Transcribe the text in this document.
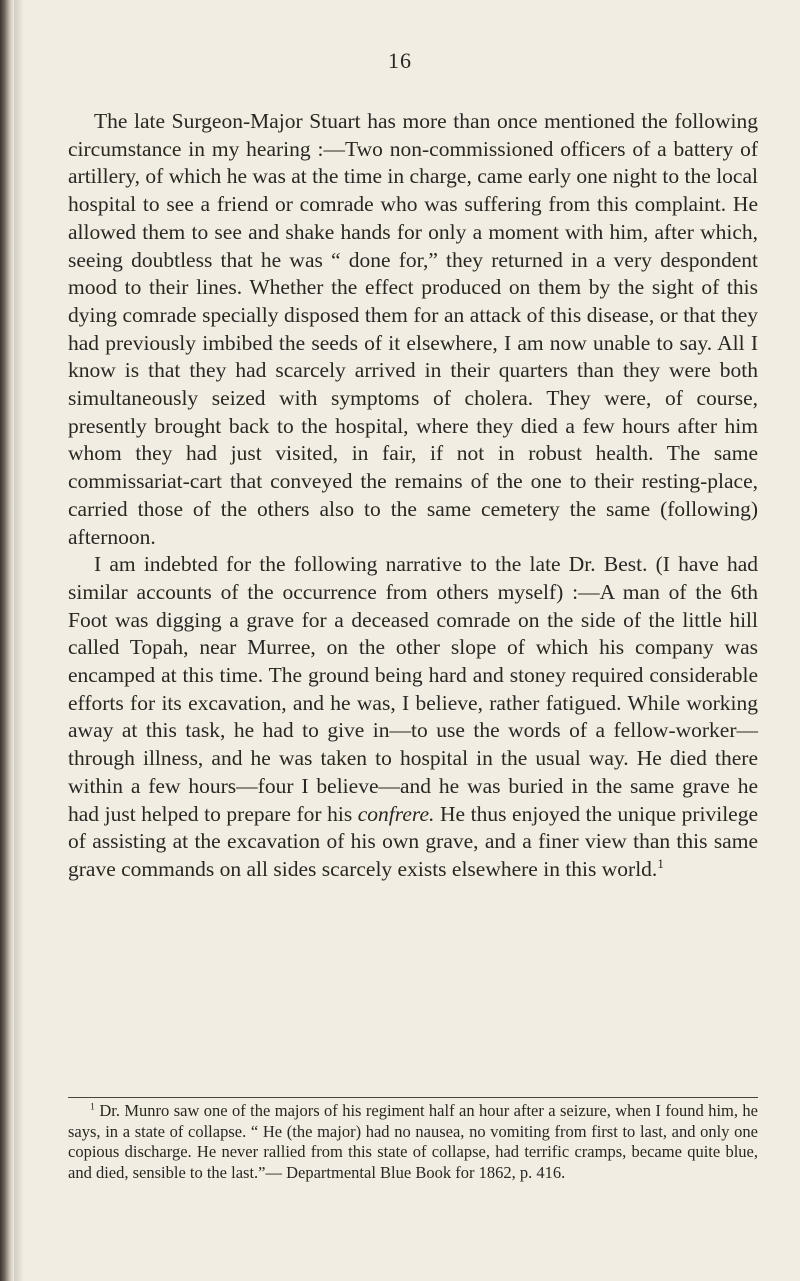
16

The late Surgeon-Major Stuart has more than once mentioned the following circumstance in my hearing :—Two non-commissioned officers of a battery of artillery, of which he was at the time in charge, came early one night to the local hospital to see a friend or comrade who was suffering from this complaint. He allowed them to see and shake hands for only a moment with him, after which, seeing doubtless that he was “ done for,” they returned in a very despondent mood to their lines. Whether the effect produced on them by the sight of this dying comrade specially disposed them for an attack of this disease, or that they had previously imbibed the seeds of it elsewhere, I am now unable to say. All I know is that they had scarcely arrived in their quarters than they were both simultaneously seized with symptoms of cholera. They were, of course, presently brought back to the hospital, where they died a few hours after him whom they had just visited, in fair, if not in robust health. The same commissariat-cart that conveyed the remains of the one to their resting-place, carried those of the others also to the same cemetery the same (following) afternoon.

I am indebted for the following narrative to the late Dr. Best. (I have had similar accounts of the occurrence from others myself) :—A man of the 6th Foot was digging a grave for a deceased comrade on the side of the little hill called Topah, near Murree, on the other slope of which his company was encamped at this time. The ground being hard and stoney required considerable efforts for its excavation, and he was, I believe, rather fatigued. While working away at this task, he had to give in—to use the words of a fellow-worker—through illness, and he was taken to hospital in the usual way. He died there within a few hours—four I believe—and he was buried in the same grave he had just helped to prepare for his confrere. He thus enjoyed the unique privilege of assisting at the excavation of his own grave, and a finer view than this same grave commands on all sides scarcely exists elsewhere in this world.$^1$

$^1$ Dr. Munro saw one of the majors of his regiment half an hour after a seizure, when I found him, he says, in a state of collapse. “ He (the major) had no nausea, no vomiting from first to last, and only one copious discharge. He never rallied from this state of collapse, had terrific cramps, became quite blue, and died, sensible to the last.”— Departmental Blue Book for 1862, p. 416.
